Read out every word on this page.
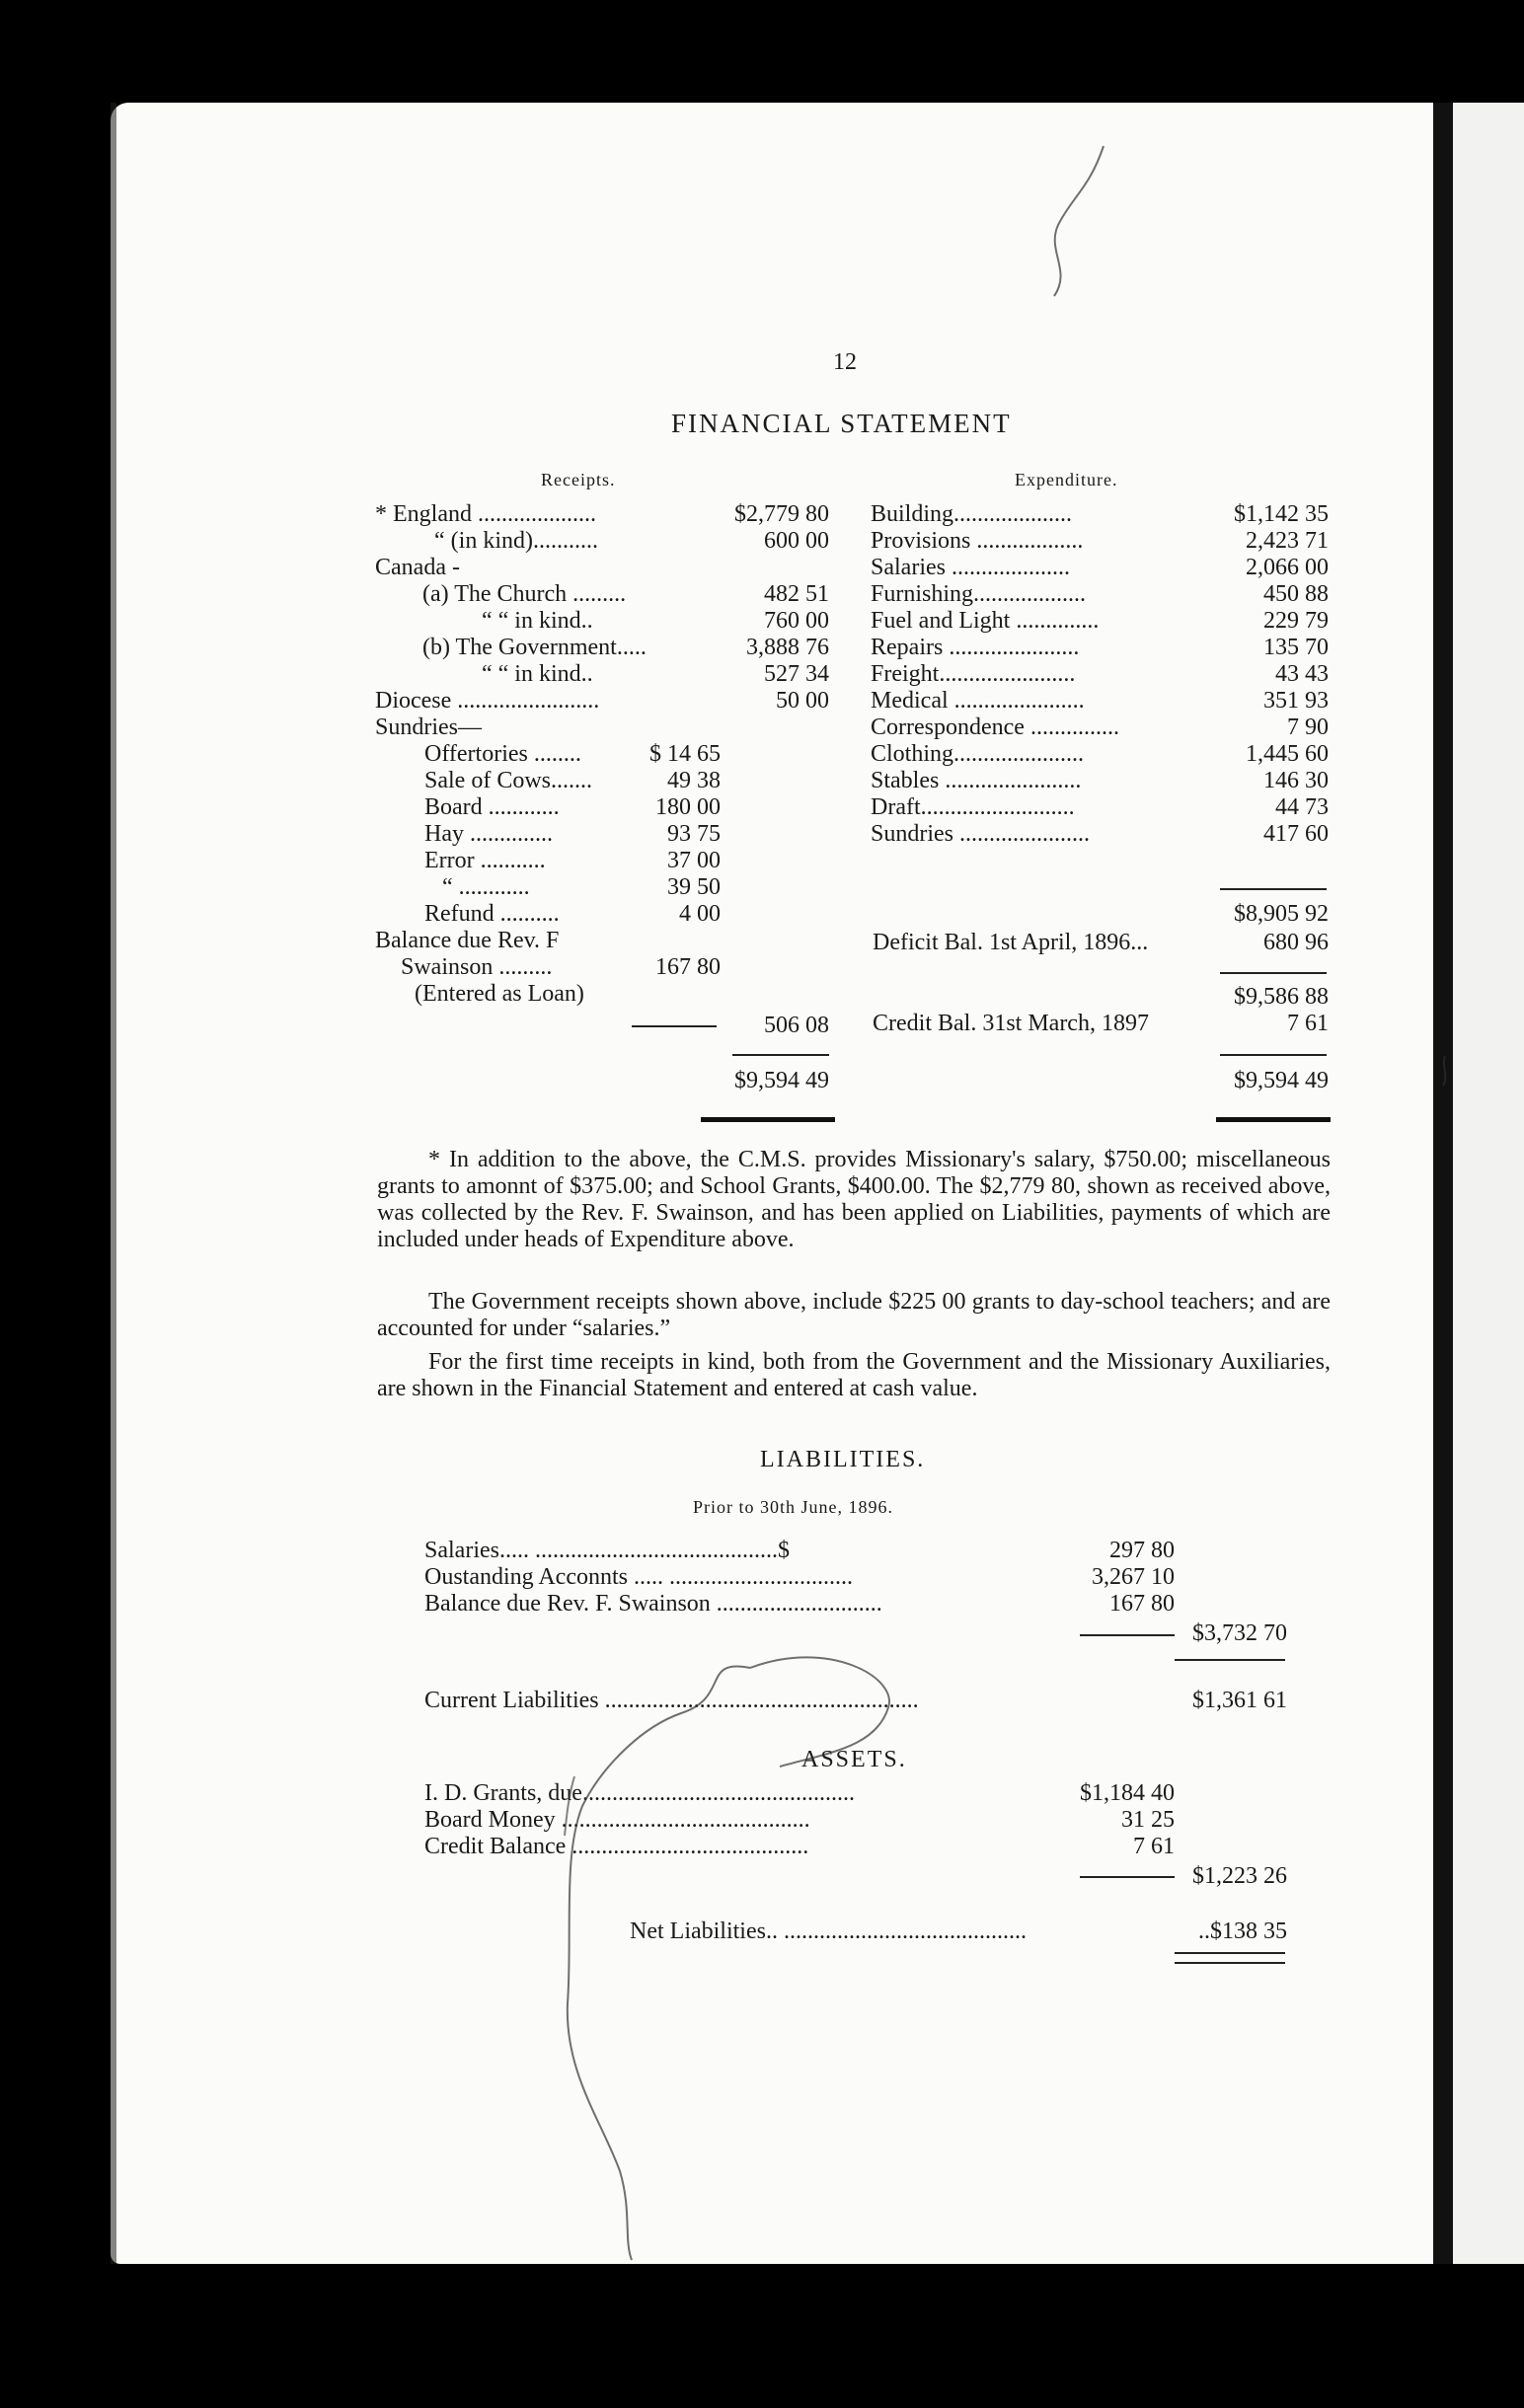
12
FINANCIAL STATEMENT
Receipts.	Expenditure.
* England ....................	$2,779 80
“ (in kind)...........	600 00
Canada -
(a) The Church .........	482 51
“ “ in kind..	760 00
(b) The Government.....	3,888 76
“ “ in kind..	527 34
Diocese ........................	50 00
Sundries—
Offertories ........	$ 14 65
Sale of Cows.......	49 38
Board ............	180 00
Hay ..............	93 75
Error ...........	37 00
“ ............	39 50
Refund ..........	4 00
Balance due Rev. F
Swainson .........	167 80
(Entered as Loan)
506 08
$9,594 49
Building....................	$1,142 35
Provisions ..................	2,423 71
Salaries ....................	2,066 00
Furnishing...................	450 88
Fuel and Light ..............	229 79
Repairs ......................	135 70
Freight.......................	43 43
Medical ......................	351 93
Correspondence ...............	7 90
Clothing......................	1,445 60
Stables .......................	146 30
Draft..........................	44 73
Sundries ......................	417 60
$8,905 92
Deficit Bal. 1st April, 1896...	680 96
$9,586 88
Credit Bal. 31st March, 1897	7 61
$9,594 49
* In addition to the above, the C.M.S. provides Missionary's salary, $750.00; miscellaneous grants to amonnt of $375.00; and School Grants, $400.00. The $2,779 80, shown as received above, was collected by the Rev. F. Swainson, and has been applied on Liabilities, payments of which are included under heads of Expenditure above.
The Government receipts shown above, include $225 00 grants to day-school teachers; and are accounted for under “salaries.”
For the first time receipts in kind, both from the Government and the Missionary Auxiliaries, are shown in the Financial Statement and entered at cash value.
LIABILITIES.
Prior to 30th June, 1896.
Salaries..... .........................................$	297 80
Oustanding Acconnts ..... ...............................	3,267 10
Balance due Rev. F. Swainson ............................	167 80
$3,732 70
Current Liabilities .....................................................	$1,361 61
ASSETS.
I. D. Grants, due..............................................	$1,184 40
Board Money ..........................................	31 25
Credit Balance ........................................	7 61
$1,223 26
Net Liabilities.. .........................................	..$138 35
